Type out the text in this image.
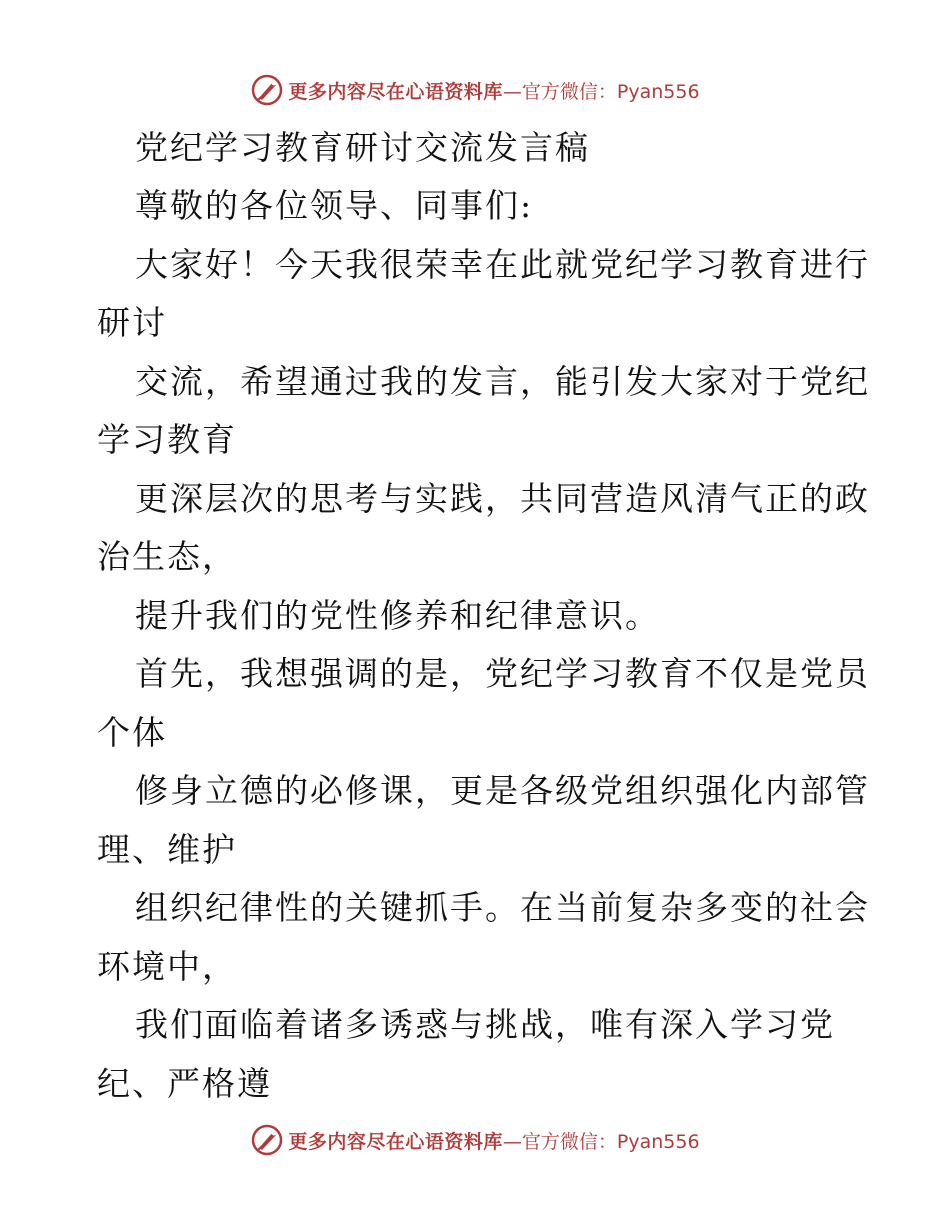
更多内容尽在心语资料库 —官方微信：Pyan556
党纪学习教育研讨交流发言稿
尊敬的各位领导、同事们:
大家好！今天我很荣幸在此就党纪学习教育进行
研讨
交流，希望通过我的发言，能引发大家对于党纪
学习教育
更深层次的思考与实践，共同营造风清气正的政
治生态，
提升我们的党性修养和纪律意识。
首先，我想强调的是，党纪学习教育不仅是党员
个体
修身立德的必修课，更是各级党组织强化内部管
理、维护
组织纪律性的关键抓手。在当前复杂多变的社会
环境中，
我们面临着诸多诱惑与挑战，唯有深入学习党
纪、严格遵
更多内容尽在心语资料库 —官方微信：Pyan556
